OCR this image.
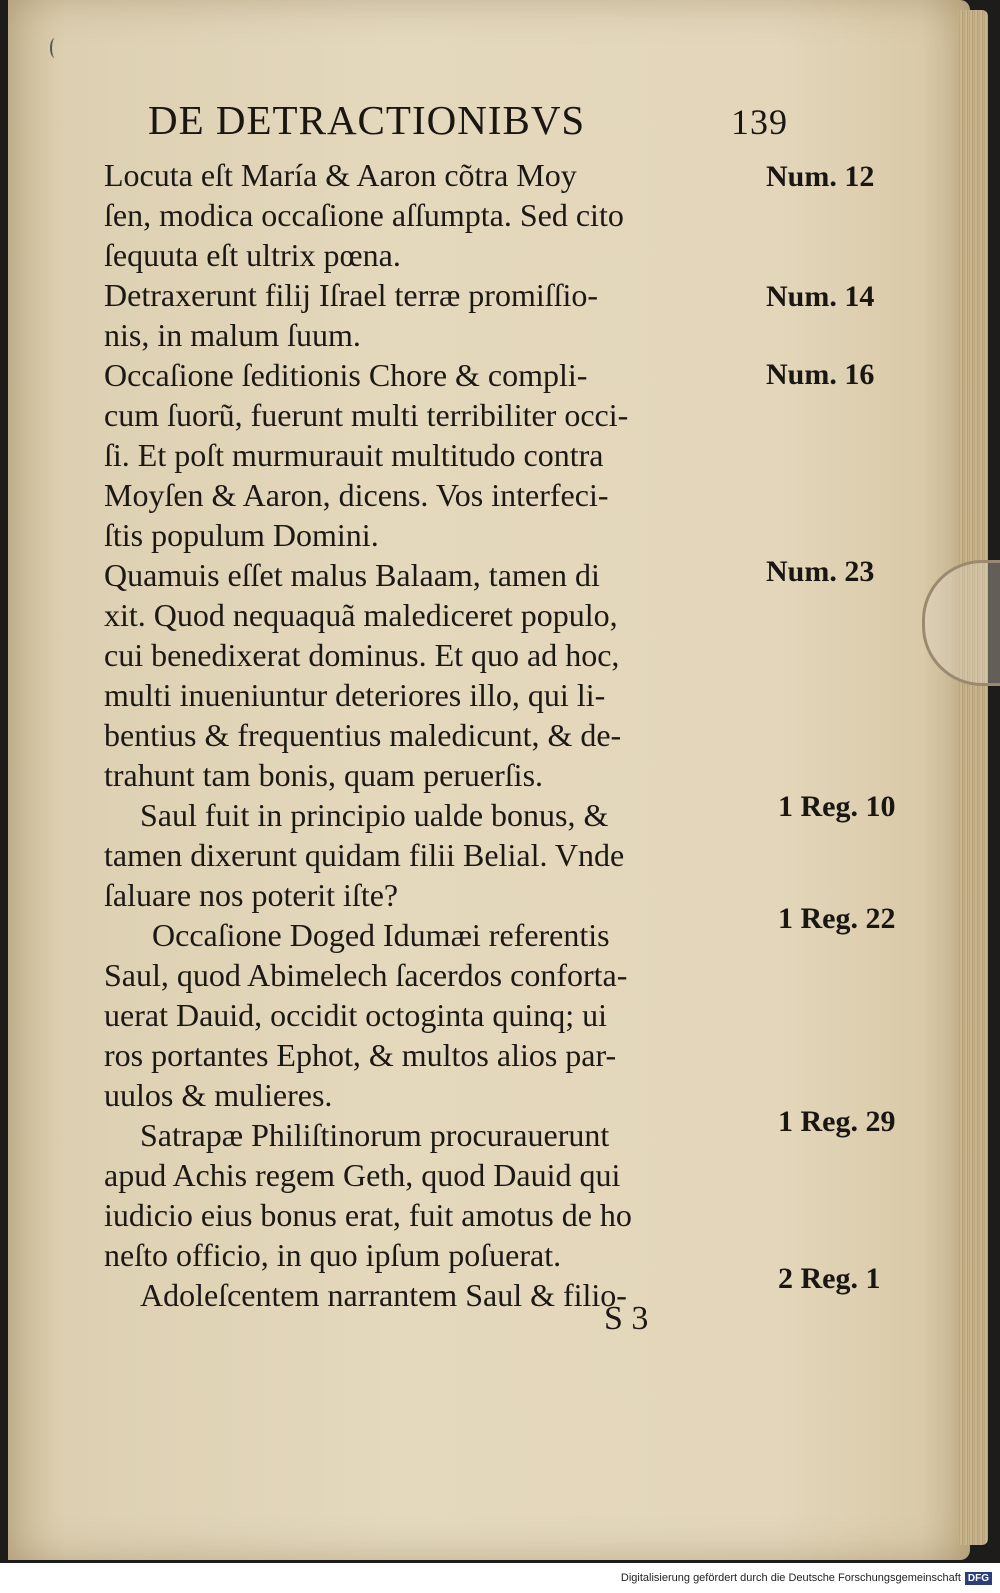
DE DETRACTIONIBVS	139
Locuta eſt María & Aaron cõtra Moy
ſen, modica occaſione aſſumpta. Sed cito
ſequuta eſt ultrix pœna.
Detraxerunt filij Iſrael terræ promiſſio-
nis, in malum ſuum.
Occaſione ſeditionis Chore & compli-
cum ſuorũ, fuerunt multi terribiliter occi-
ſi. Et poſt murmurauit multitudo contra
Moyſen & Aaron, dicens. Vos interfeci-
ſtis populum Domini.
Quamuis eſſet malus Balaam, tamen di
xit. Quod nequaquã malediceret populo,
cui benedixerat dominus. Et quo ad hoc,
multi inueniuntur deteriores illo, qui li-
bentius & frequentius maledicunt, & de-
trahunt tam bonis, quam peruerſis.
Saul fuit in principio ualde bonus, &
tamen dixerunt quidam filii Belial. Vnde
ſaluare nos poterit iſte?
Occaſione Doged Idumæi referentis
Saul, quod Abimelech ſacerdos conforta-
uerat Dauid, occidit octoginta quinq; ui
ros portantes Ephot, & multos alios par-
uulos & mulieres.
Satrapæ Philiſtinorum procurauerunt
apud Achis regem Geth, quod Dauid qui
iudicio eius bonus erat, fuit amotus de ho
neſto officio, in quo ipſum poſuerat.
Adoleſcentem narrantem Saul & filio-
Num. 12
Num. 14
Num. 16
Num. 23
1 Reg. 10
1 Reg. 22
1 Reg. 29
2 Reg. 1
S 3
Digitalisierung gefördert durch die Deutsche Forschungsgemeinschaft DFG
